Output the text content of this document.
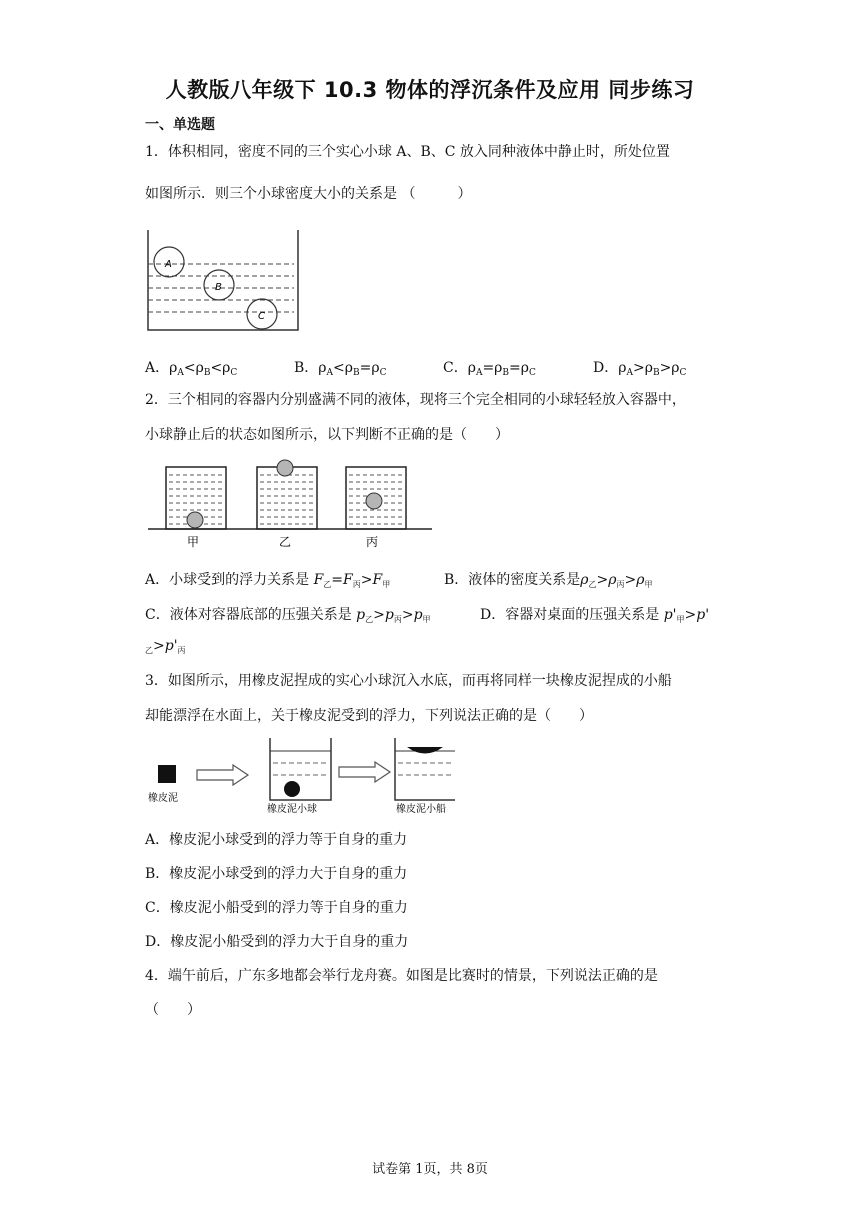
人教版八年级下 10.3 物体的浮沉条件及应用 同步练习
一、单选题
1．体积相同，密度不同的三个实心小球 A、B、C 放入同种液体中静止时，所处位置
如图所示．则三个小球密度大小的关系是 （　　　）
A
B
C
A．$\rho_A<\rho_B<\rho_C$	B．$\rho_A<\rho_B=\rho_C$	C．$\rho_A=\rho_B=\rho_C$	D．$\rho_A>\rho_B>\rho_C$
2．三个相同的容器内分别盛满不同的液体，现将三个完全相同的小球轻轻放入容器中，
小球静止后的状态如图所示，以下判断不正确的是（　　）
甲	乙	丙
A．小球受到的浮力关系是 $F_乙=F_丙>F_甲$	B．液体的密度关系是$\rho_乙>\rho_丙>\rho_甲$
C．液体对容器底部的压强关系是 $p_乙>p_丙>p_甲$	D．容器对桌面的压强关系是 $p'_甲>p'$
$_乙>p'_丙$
3．如图所示，用橡皮泥捏成的实心小球沉入水底，而再将同样一块橡皮泥捏成的小船
却能漂浮在水面上，关于橡皮泥受到的浮力，下列说法正确的是（　　）
橡皮泥
橡皮泥小球	橡皮泥小船
A．橡皮泥小球受到的浮力等于自身的重力
B．橡皮泥小球受到的浮力大于自身的重力
C．橡皮泥小船受到的浮力等于自身的重力
D．橡皮泥小船受到的浮力大于自身的重力
4．端午前后，广东多地都会举行龙舟赛。如图是比赛时的情景，下列说法正确的是
（　　）
试卷第 1页，共 8页
